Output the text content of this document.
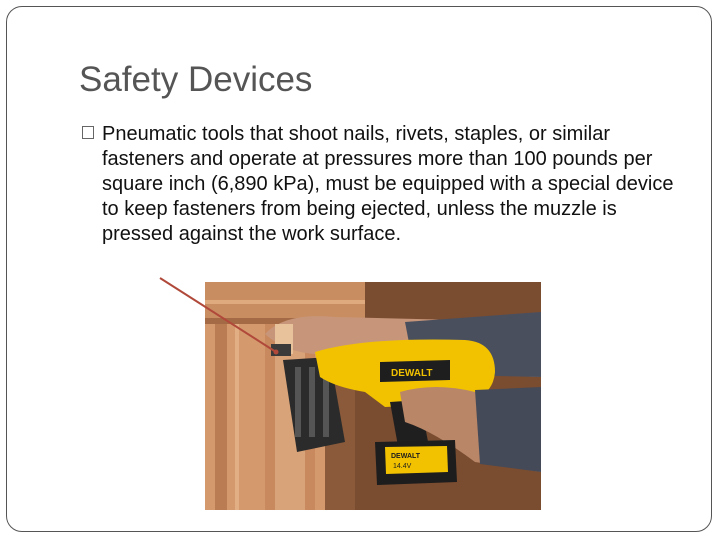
Safety Devices

Pneumatic tools that shoot nails, rivets, staples, or similar fasteners and operate at pressures more than 100 pounds per square inch (6,890 kPa), must be equipped with a special device to keep fasteners from being ejected, unless the muzzle is pressed against the work surface.

DEWALT
DEWALT
14.4V
